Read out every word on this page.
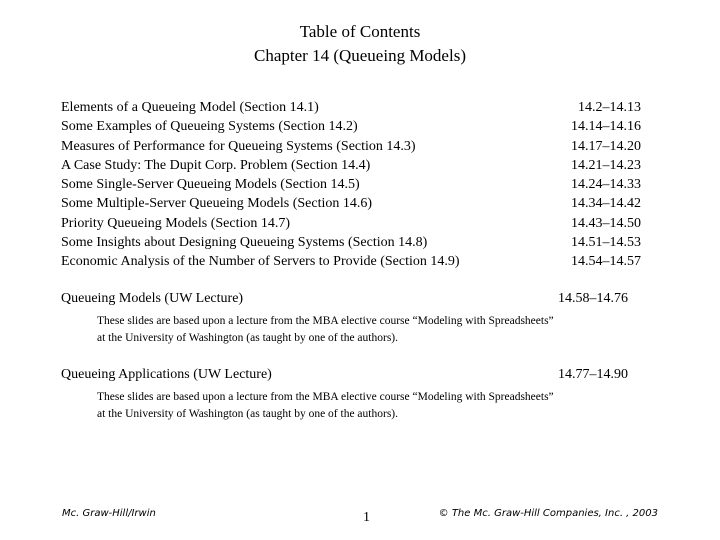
Table of Contents
Chapter 14 (Queueing Models)
Elements of a Queueing Model (Section 14.1)	14.2–14.13
Some Examples of Queueing Systems (Section 14.2)	14.14–14.16
Measures of Performance for Queueing Systems (Section 14.3)	14.17–14.20
A Case Study: The Dupit Corp. Problem (Section 14.4)	14.21–14.23
Some Single-Server Queueing Models (Section 14.5)	14.24–14.33
Some Multiple-Server Queueing Models (Section 14.6)	14.34–14.42
Priority Queueing Models (Section 14.7)	14.43–14.50
Some Insights about Designing Queueing Systems (Section 14.8)	14.51–14.53
Economic Analysis of the Number of Servers to Provide (Section 14.9)	14.54–14.57
Queueing Models (UW Lecture)	14.58–14.76
These slides are based upon a lecture from the MBA elective course “Modeling with Spreadsheets”
at the University of Washington (as taught by one of the authors).
Queueing Applications (UW Lecture)	14.77–14.90
These slides are based upon a lecture from the MBA elective course “Modeling with Spreadsheets”
at the University of Washington (as taught by one of the authors).
Mc. Graw-Hill/Irwin	1	© The Mc. Graw-Hill Companies, Inc. , 2003
